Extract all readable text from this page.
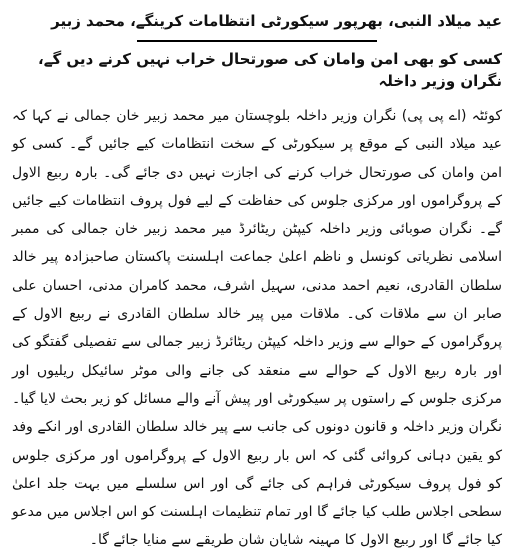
عید میلاد النبی، بھرپور سیکورٹی انتظامات کرینگے، محمد زبیر
کسی کو بھی امن وامان کی صورتحال خراب نہیں کرنے دیں گے، نگران وزیر داخلہ

کوئٹہ (اے پی پی) نگران وزیر داخلہ بلوچستان میر محمد زبیر خان جمالی نے کہا کہ عید میلاد النبی کے موقع پر سیکورٹی کے سخت انتظامات کیے جائیں گے۔ کسی کو امن وامان کی صورتحال خراب کرنے کی اجازت نہیں دی جائے گی۔ بارہ ربیع الاول کے پروگراموں اور مرکزی جلوس کی حفاظت کے لیے فول پروف انتظامات کیے جائیں گے۔ نگران صوبائی وزیر داخلہ کیپٹن ریٹائرڈ میر محمد زبیر خان جمالی کی ممبر اسلامی نظریاتی کونسل و ناظم اعلیٰ جماعت اہلسنت پاکستان صاحبزادہ پیر خالد سلطان القادری، نعیم احمد مدنی، سہیل اشرف، محمد کامران مدنی، احسان علی صابر ان سے ملاقات کی۔ ملاقات میں پیر خالد سلطان القادری نے ربیع الاول کے پروگراموں کے حوالے سے وزیر داخلہ کیپٹن ریٹائرڈ زبیر جمالی سے تفصیلی گفتگو کی اور بارہ ربیع الاول کے حوالے سے منعقد کی جانے والی موٹر سائیکل ریلیوں اور مرکزی جلوس کے راستوں پر سیکورٹی اور پیش آنے والے مسائل کو زیر بحث لایا گیا۔ نگران وزیر داخلہ و قانون دونوں کی جانب سے پیر خالد سلطان القادری اور انکے وفد کو یقین دہانی کروائی گئی کہ اس بار ربیع الاول کے پروگراموں اور مرکزی جلوس کو فول پروف سیکورٹی فراہم کی جائے گی اور اس سلسلے میں بہت جلد اعلیٰ سطحی اجلاس طلب کیا جائے گا اور تمام تنظیمات اہلسنت کو اس اجلاس میں مدعو کیا جائے گا اور ربیع الاول کا مہینہ شایان شان طریقے سے منایا جائے گا۔
